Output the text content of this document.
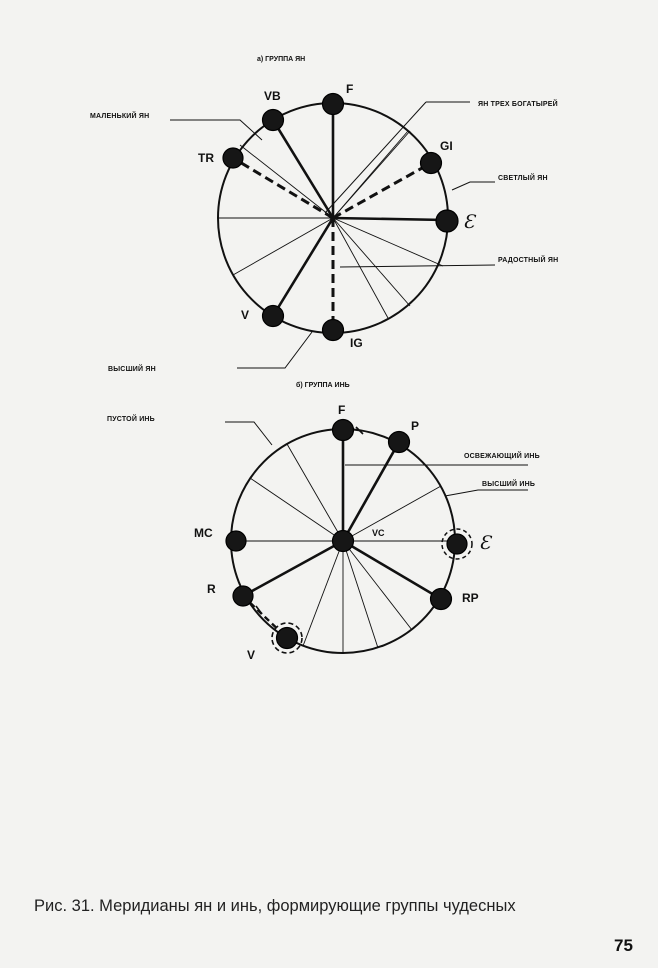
а) ГРУППА ЯН
МАЛЕНЬКИЙ ЯН
ЯН ТРЕХ БОГАТЫРЕЙ
СВЕТЛЫЙ ЯН
РАДОСТНЫЙ ЯН
ВЫСШИЙ ЯН
VB	F
GI
Ɛ
TR
V
IG
б) ГРУППА ИНЬ
ПУСТОЙ ИНЬ
ОСВЕЖАЮЩИЙ ИНЬ
ВЫСШИЙ ИНЬ
F
P
MC	VC	Ɛ
R
RP
V
Рис. 31. Меридианы ян и инь, формирующие группы чудесных
75
